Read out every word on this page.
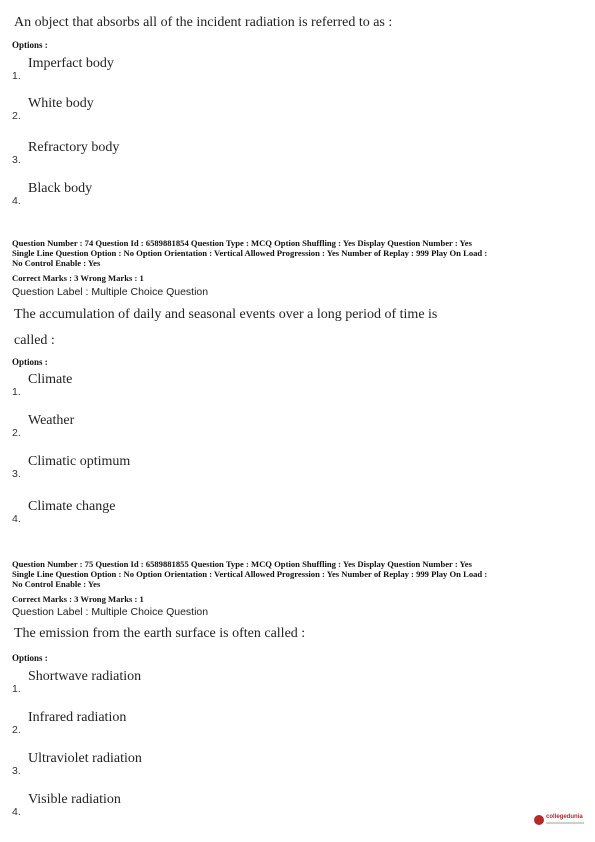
An object that absorbs all of the incident radiation is referred to as :
Options :
1.
Imperfact body
2.
White body
3.
Refractory body
4.
Black body
Question Number : 74 Question Id : 6589881854 Question Type : MCQ Option Shuffling : Yes Display Question Number : Yes
Single Line Question Option : No Option Orientation : Vertical Allowed Progression : Yes Number of Replay : 999 Play On Load :
No Control Enable : Yes
Correct Marks : 3 Wrong Marks : 1
Question Label : Multiple Choice Question
The accumulation of daily and seasonal events over a long period of time is
called :
Options :
1.
Climate
2.
Weather
3.
Climatic optimum
4.
Climate change
Question Number : 75 Question Id : 6589881855 Question Type : MCQ Option Shuffling : Yes Display Question Number : Yes
Single Line Question Option : No Option Orientation : Vertical Allowed Progression : Yes Number of Replay : 999 Play On Load :
No Control Enable : Yes
Correct Marks : 3 Wrong Marks : 1
Question Label : Multiple Choice Question
The emission from the earth surface is often called :
Options :
1.
Shortwave radiation
2.
Infrared radiation
3.
Ultraviolet radiation
4.
Visible radiation
collegedunia
